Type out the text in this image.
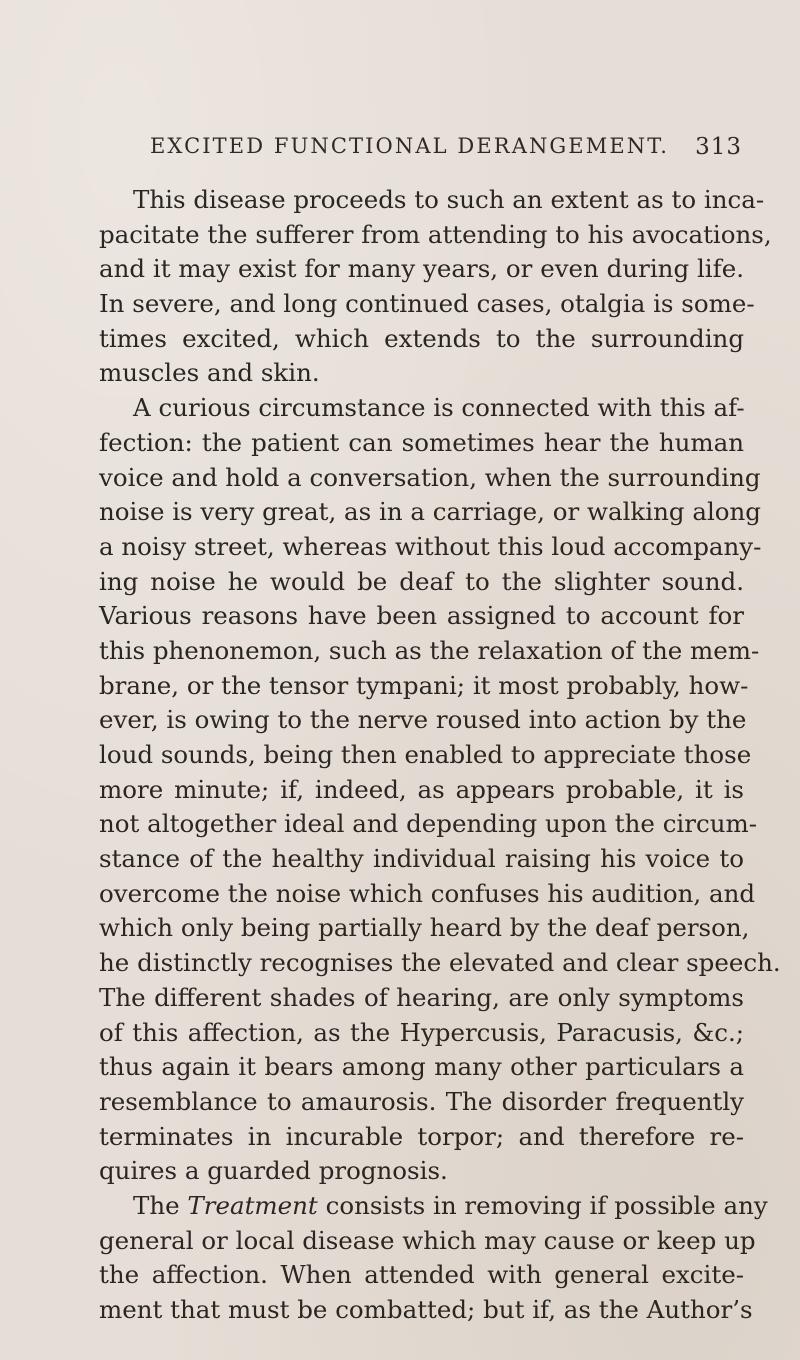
EXCITED FUNCTIONAL DERANGEMENT. 313
This disease proceeds to such an extent as to inca-
pacitate the sufferer from attending to his avocations,
and it may exist for many years, or even during life.
In severe, and long continued cases, otalgia is some-
times excited, which extends to the surrounding
muscles and skin.
A curious circumstance is connected with this af-
fection: the patient can sometimes hear the human
voice and hold a conversation, when the surrounding
noise is very great, as in a carriage, or walking along
a noisy street, whereas without this loud accompany-
ing noise he would be deaf to the slighter sound.
Various reasons have been assigned to account for
this phenonemon, such as the relaxation of the mem-
brane, or the tensor tympani; it most probably, how-
ever, is owing to the nerve roused into action by the
loud sounds, being then enabled to appreciate those
more minute; if, indeed, as appears probable, it is
not altogether ideal and depending upon the circum-
stance of the healthy individual raising his voice to
overcome the noise which confuses his audition, and
which only being partially heard by the deaf person,
he distinctly recognises the elevated and clear speech.
The different shades of hearing, are only symptoms
of this affection, as the Hypercusis, Paracusis, &c.;
thus again it bears among many other particulars a
resemblance to amaurosis. The disorder frequently
terminates in incurable torpor; and therefore re-
quires a guarded prognosis.
The Treatment consists in removing if possible any
general or local disease which may cause or keep up
the affection. When attended with general excite-
ment that must be combatted; but if, as the Author’s
